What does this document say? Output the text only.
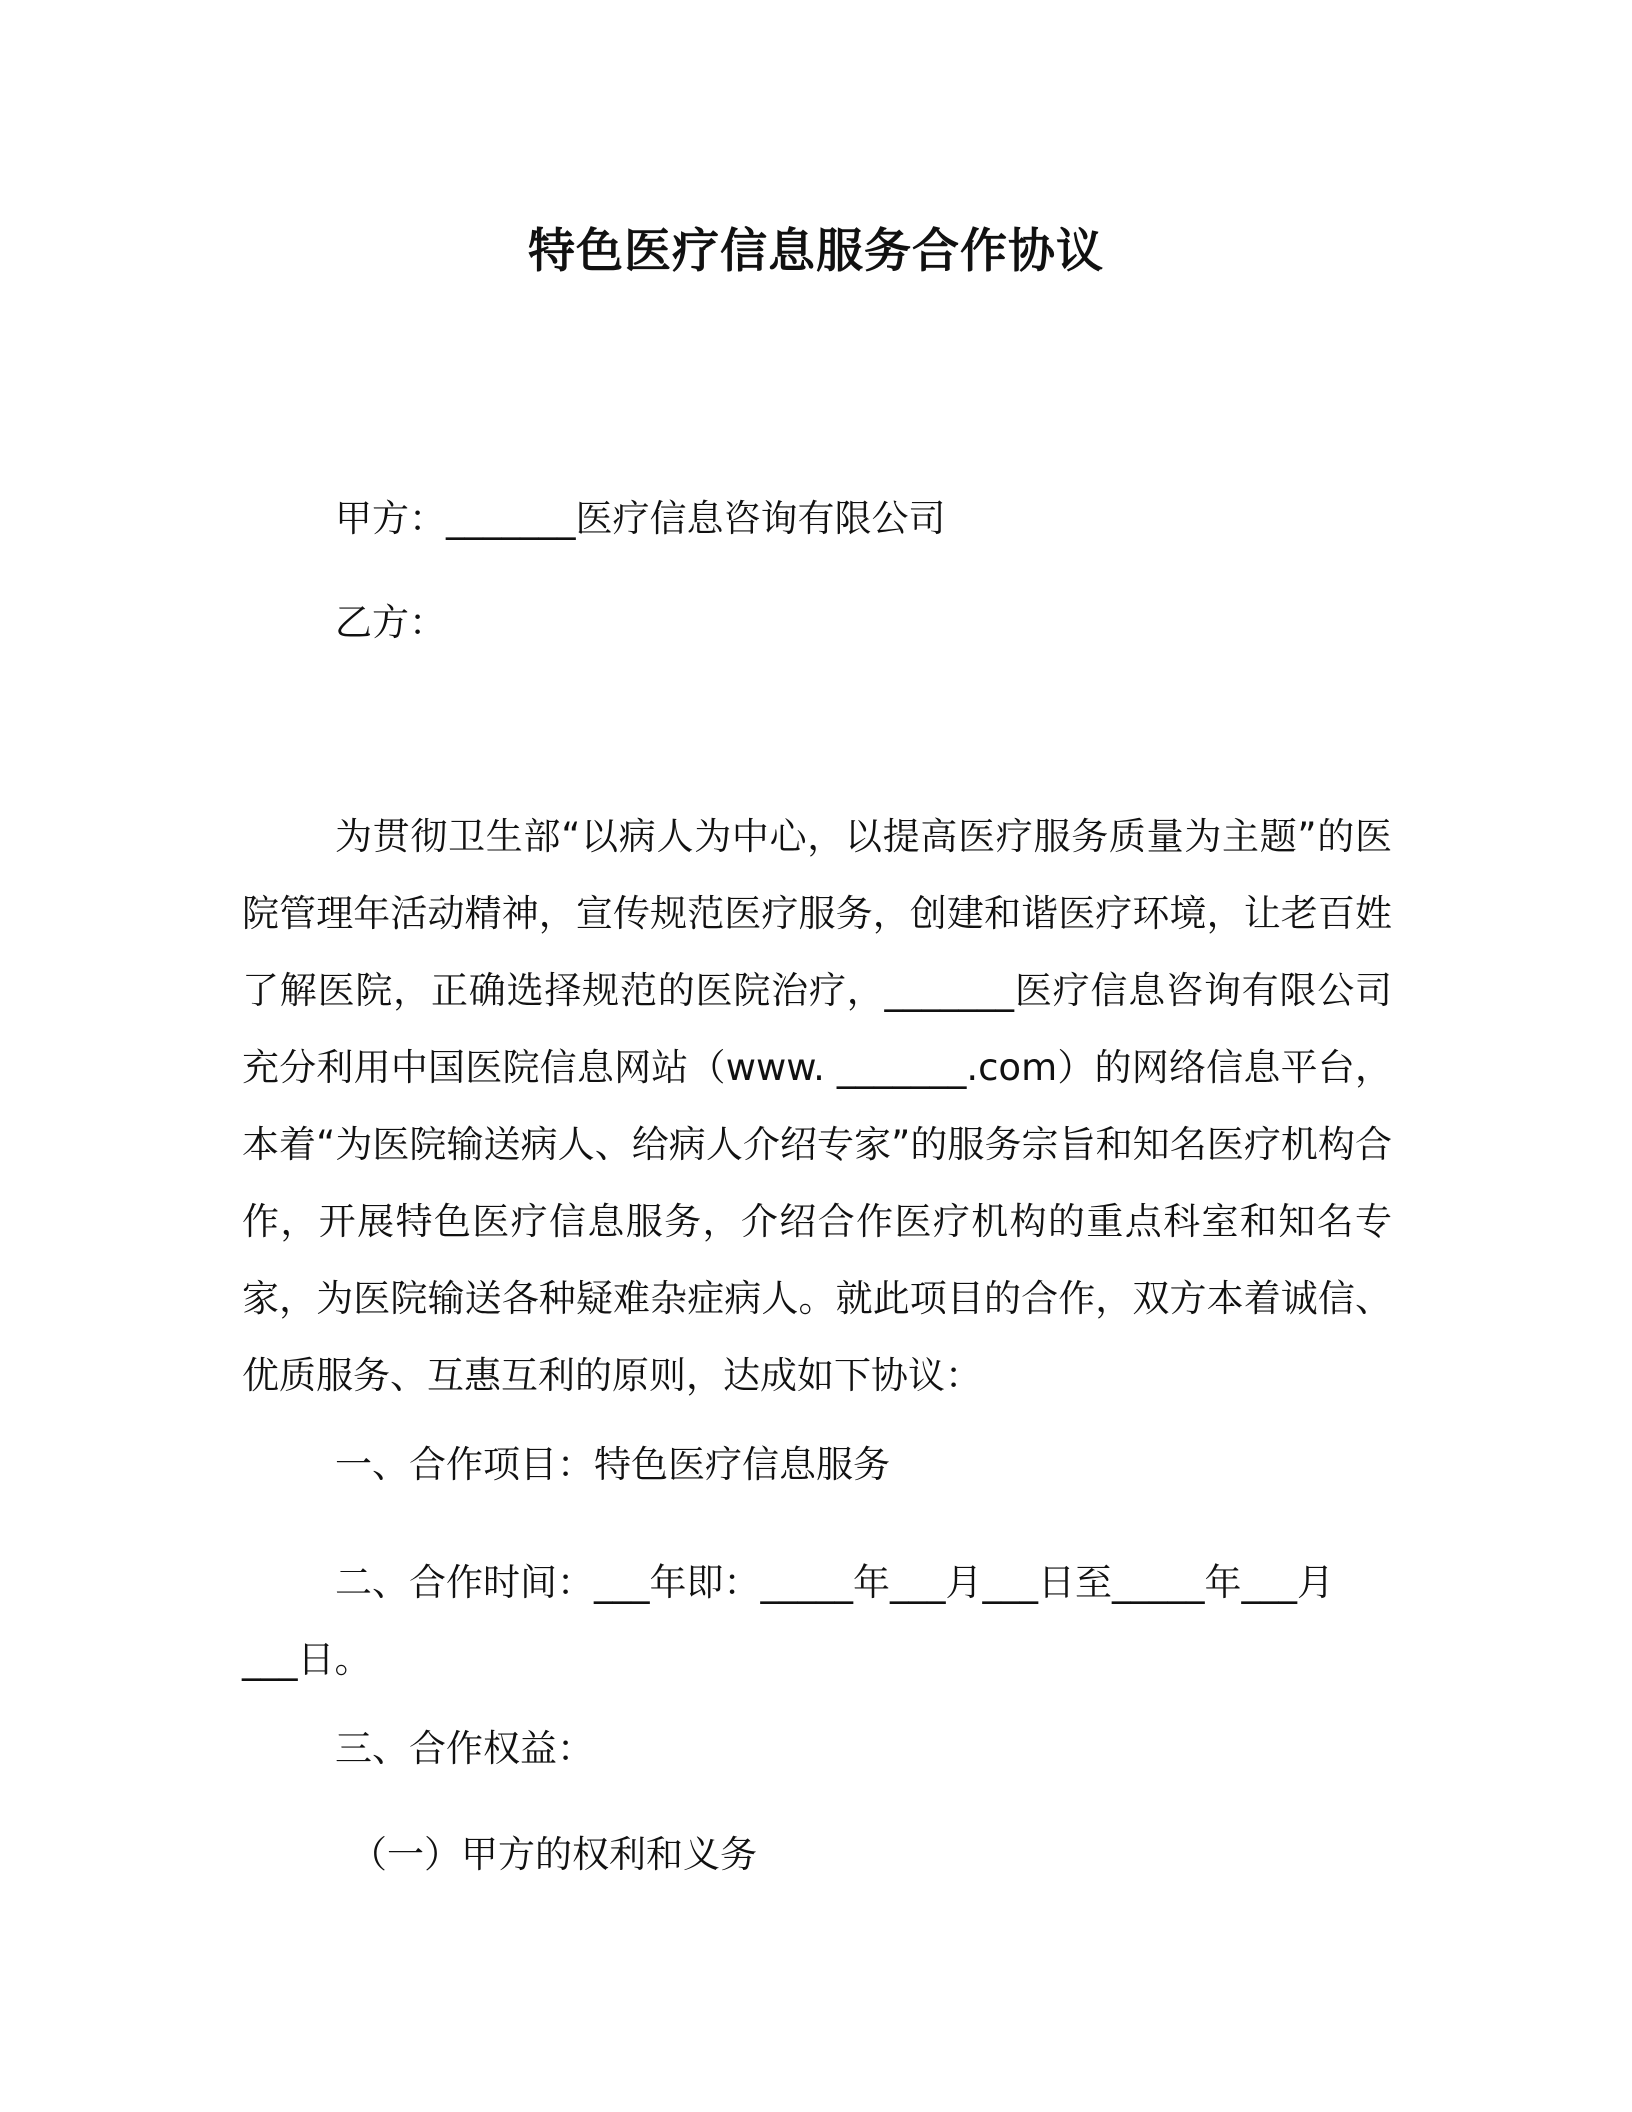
特色医疗信息服务合作协议
甲方：_______医疗信息咨询有限公司
乙方：

为贯彻卫生部“以病人为中心，以提高医疗服务质量为主题”的医院管理年活动精神，宣传规范医疗服务，创建和谐医疗环境，让老百姓了解医院，正确选择规范的医院治疗，_______医疗信息咨询有限公司充分利用中国医院信息网站（www. _______.com）的网络信息平台，本着“为医院输送病人、给病人介绍专家”的服务宗旨和知名医疗机构合作，开展特色医疗信息服务，介绍合作医疗机构的重点科室和知名专家，为医院输送各种疑难杂症病人。就此项目的合作，双方本着诚信、优质服务、互惠互利的原则，达成如下协议：

一、合作项目：特色医疗信息服务

二、合作时间：___年即：_____年___月___日至_____年___月___日。

三、合作权益：
（一）甲方的权利和义务
